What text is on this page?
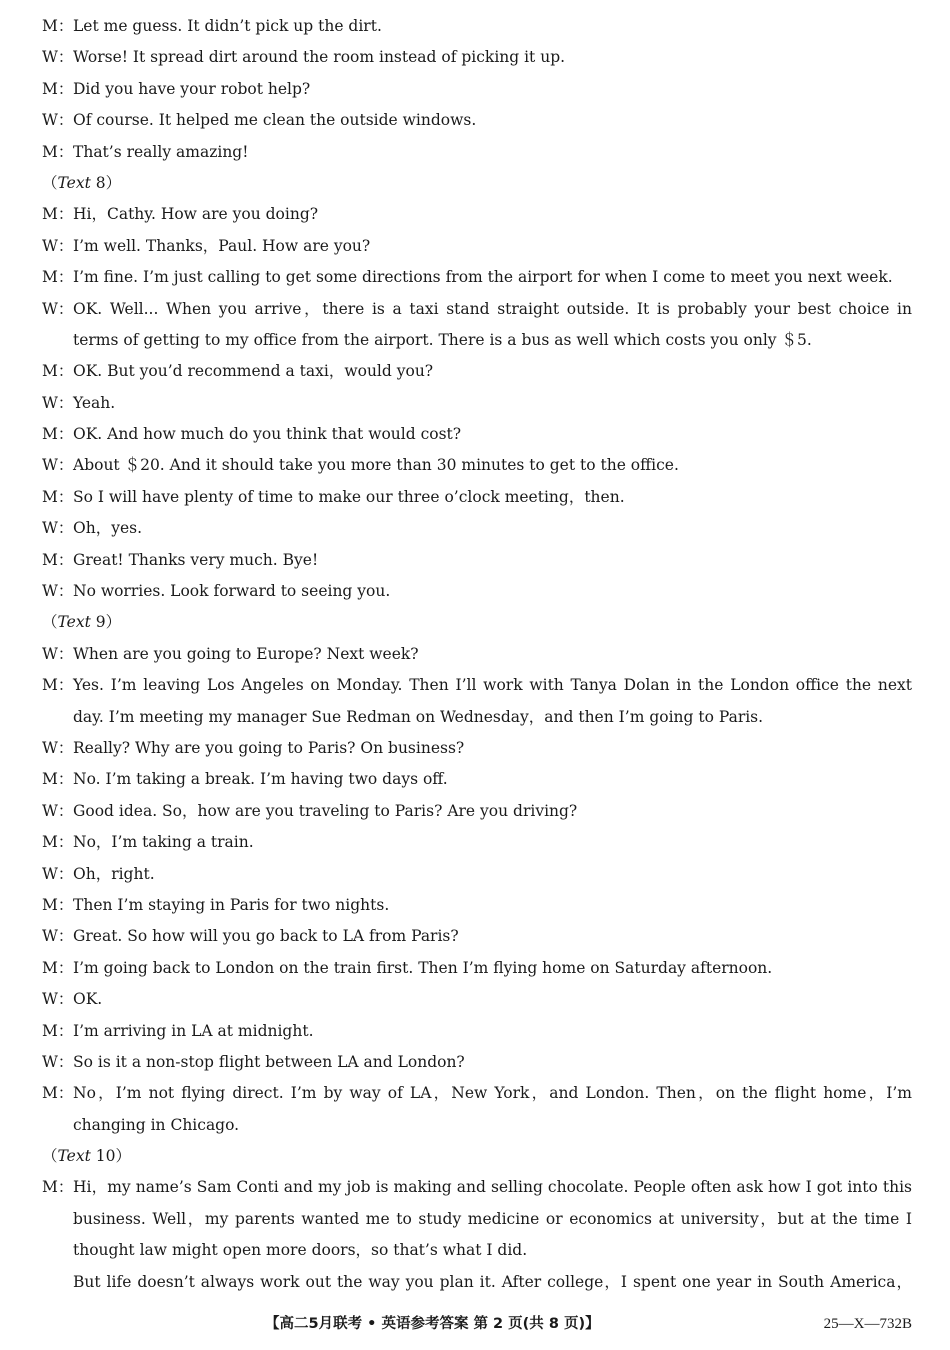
M：Let me guess. It didn’t pick up the dirt.
W：Worse! It spread dirt around the room instead of picking it up.
M：Did you have your robot help?
W：Of course. It helped me clean the outside windows.
M：That’s really amazing!
（Text 8）
M：Hi，Cathy. How are you doing?
W：I’m well. Thanks，Paul. How are you?
M：I’m fine. I’m just calling to get some directions from the airport for when I come to meet you next week.
W：OK. Well... When you arrive，there is a taxi stand straight outside. It is probably your best choice in
terms of getting to my office from the airport. There is a bus as well which costs you only ＄5.
M：OK. But you’d recommend a taxi，would you?
W：Yeah.
M：OK. And how much do you think that would cost?
W：About ＄20. And it should take you more than 30 minutes to get to the office.
M：So I will have plenty of time to make our three o’clock meeting，then.
W：Oh，yes.
M：Great! Thanks very much. Bye!
W：No worries. Look forward to seeing you.
（Text 9）
W：When are you going to Europe? Next week?
M：Yes. I’m leaving Los Angeles on Monday. Then I’ll work with Tanya Dolan in the London office the next
day. I’m meeting my manager Sue Redman on Wednesday，and then I’m going to Paris.
W：Really? Why are you going to Paris? On business?
M：No. I’m taking a break. I’m having two days off.
W：Good idea. So，how are you traveling to Paris? Are you driving?
M：No，I’m taking a train.
W：Oh，right.
M：Then I’m staying in Paris for two nights.
W：Great. So how will you go back to LA from Paris?
M：I’m going back to London on the train first. Then I’m flying home on Saturday afternoon.
W：OK.
M：I’m arriving in LA at midnight.
W：So is it a non-stop flight between LA and London?
M：No，I’m not flying direct. I’m by way of LA，New York，and London. Then，on the flight home，I’m
changing in Chicago.
（Text 10）
M：Hi，my name’s Sam Conti and my job is making and selling chocolate. People often ask how I got into this
business. Well，my parents wanted me to study medicine or economics at university，but at the time I
thought law might open more doors，so that’s what I did.
But life doesn’t always work out the way you plan it. After college，I spent one year in South America，
【高二5月联考 • 英语参考答案 第 2 页(共 8 页)】	25—X—732B
